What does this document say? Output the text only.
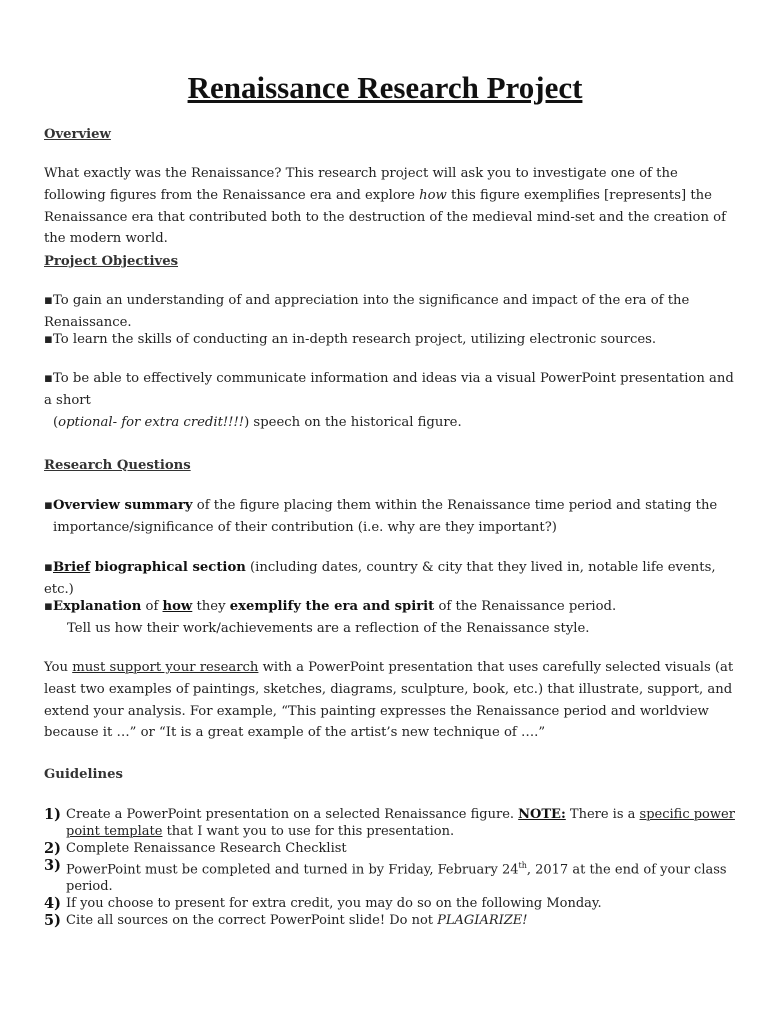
Renaissance Research Project

Overview

What exactly was the Renaissance? This research project will ask you to investigate one of the following figures from the Renaissance era and explore how this figure exemplifies [represents] the Renaissance era that contributed both to the destruction of the medieval mind-set and the creation of the modern world.

Project Objectives

▪To gain an understanding of and appreciation into the significance and impact of the era of the Renaissance.

▪To learn the skills of conducting an in-depth research project, utilizing electronic sources.

▪To be able to effectively communicate information and ideas via a visual PowerPoint presentation and a short
(optional- for extra credit!!!!) speech on the historical figure.

Research Questions

▪Overview summary of the figure placing them within the Renaissance time period and stating the
importance/significance of their contribution (i.e. why are they important?)

▪Brief biographical section (including dates, country & city that they lived in, notable life events, etc.)

▪Explanation of how they exemplify the era and spirit of the Renaissance period.
Tell us how their work/achievements are a reflection of the Renaissance style.

You must support your research with a PowerPoint presentation that uses carefully selected visuals (at least two examples of paintings, sketches, diagrams, sculpture, book, etc.) that illustrate, support, and extend your analysis. For example, “This painting expresses the Renaissance period and worldview because it …” or “It is a great example of the artist’s new technique of ….”

Guidelines

1) Create a PowerPoint presentation on a selected Renaissance figure. NOTE: There is a specific power point template that I want you to use for this presentation.
2) Complete Renaissance Research Checklist
3) PowerPoint must be completed and turned in by Friday, February 24th, 2017 at the end of your class period.
4) If you choose to present for extra credit, you may do so on the following Monday.
5) Cite all sources on the correct PowerPoint slide! Do not PLAGIARIZE!
